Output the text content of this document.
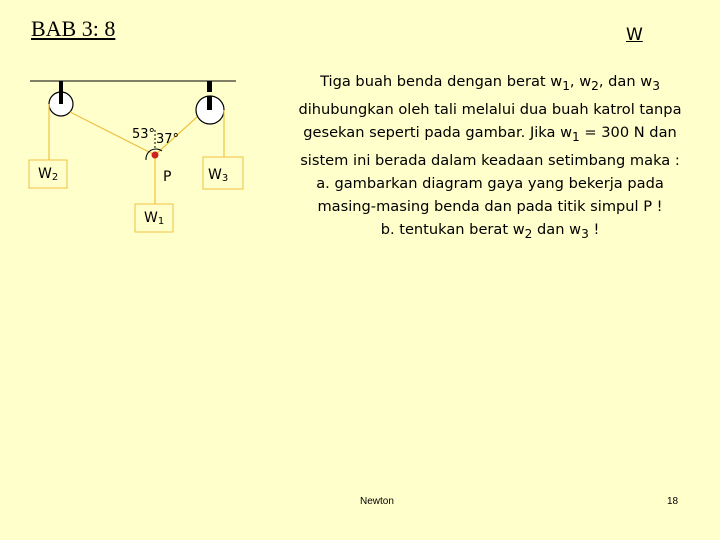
BAB 3: 8	W
53° 37°
P
W2	W3
W1

Tiga buah benda dengan berat $w_1$, $w_2$, dan $w_3$

dihubungkan oleh tali melalui dua buah katrol tanpa

gesekan seperti pada gambar. Jika $w_1 = 300$ N dan

sistem ini berada dalam keadaan setimbang maka :

a. gambarkan diagram gaya yang bekerja pada

masing-masing benda dan pada titik simpul P !

b. tentukan berat $w_2$ dan $w_3$ !

Newton	18
